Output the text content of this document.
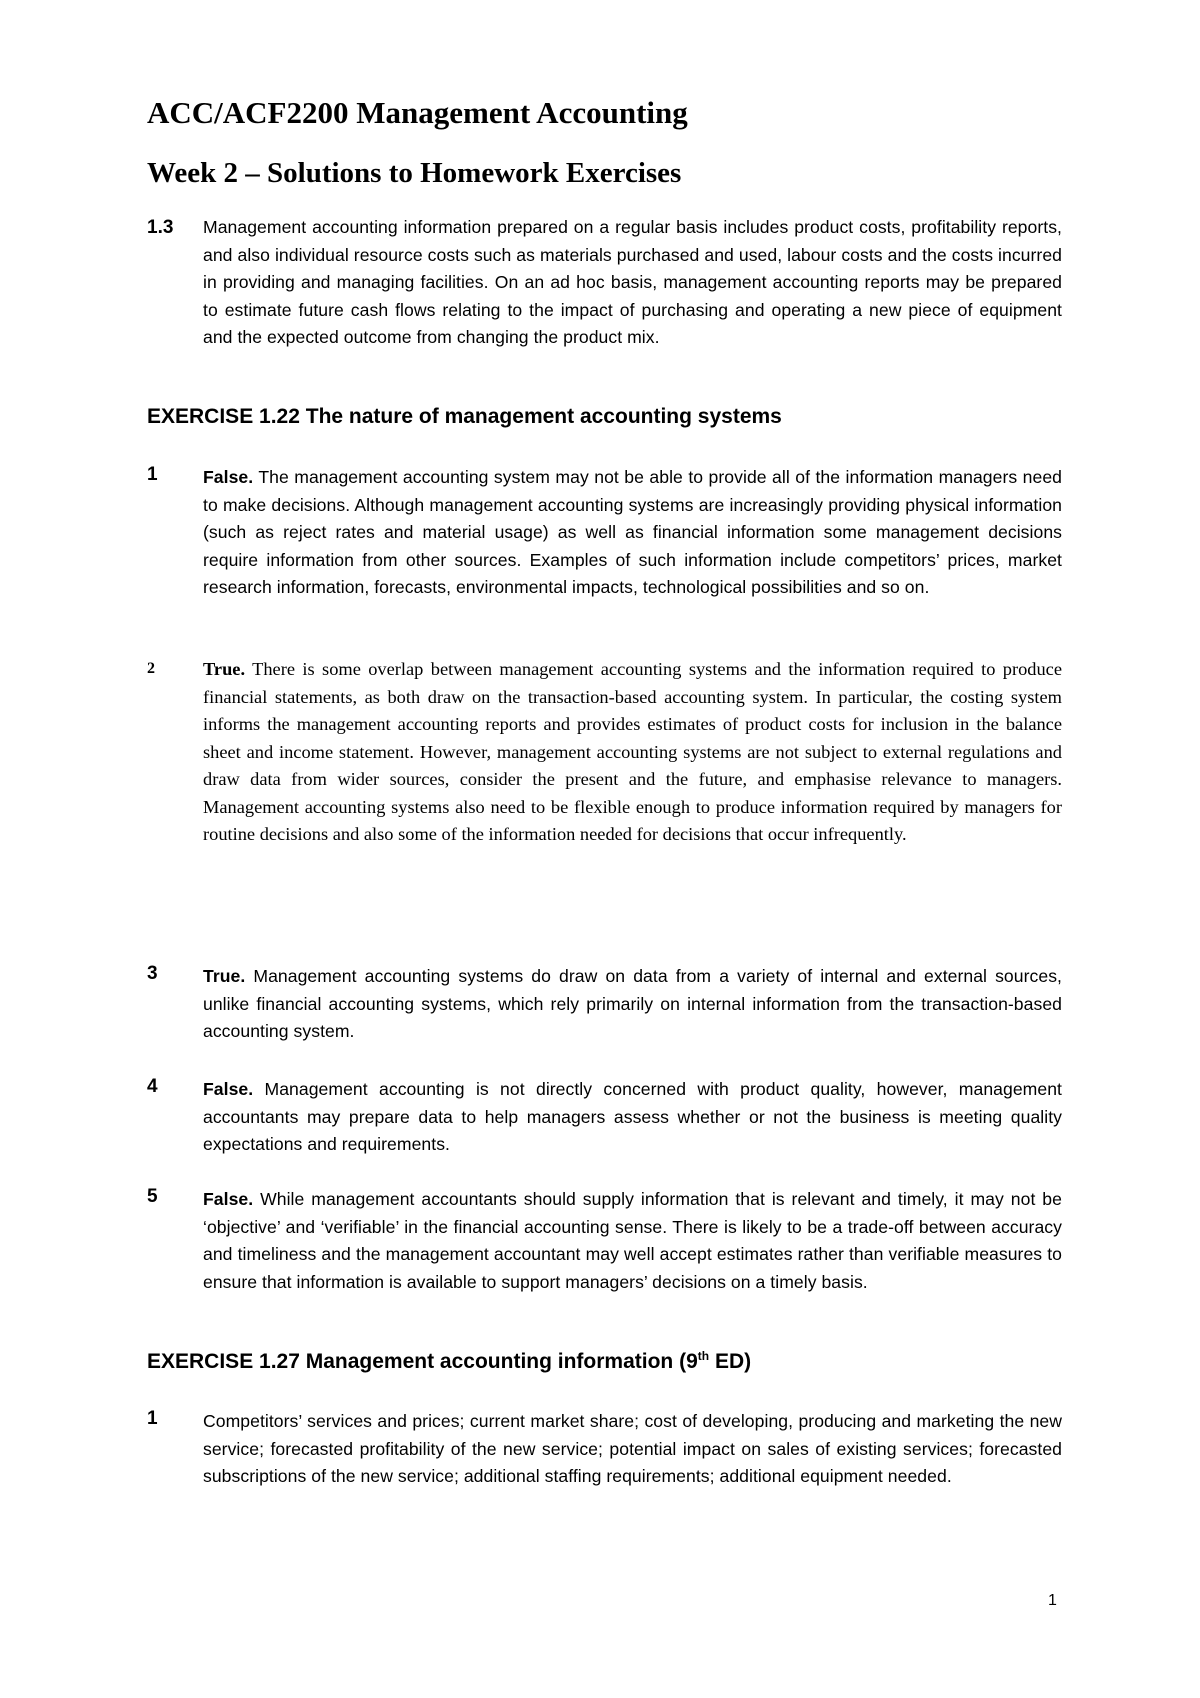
ACC/ACF2200 Management Accounting
Week 2 – Solutions to Homework Exercises
1.3 Management accounting information prepared on a regular basis includes product costs, profitability reports, and also individual resource costs such as materials purchased and used, labour costs and the costs incurred in providing and managing facilities. On an ad hoc basis, management accounting reports may be prepared to estimate future cash flows relating to the impact of purchasing and operating a new piece of equipment and the expected outcome from changing the product mix.
EXERCISE 1.22 The nature of management accounting systems
1	False. The management accounting system may not be able to provide all of the information managers need to make decisions. Although management accounting systems are increasingly providing physical information (such as reject rates and material usage) as well as financial information some management decisions require information from other sources. Examples of such information include competitors’ prices, market research information, forecasts, environmental impacts, technological possibilities and so on.
2	True. There is some overlap between management accounting systems and the information required to produce financial statements, as both draw on the transaction-based accounting system. In particular, the costing system informs the management accounting reports and provides estimates of product costs for inclusion in the balance sheet and income statement. However, management accounting systems are not subject to external regulations and draw data from wider sources, consider the present and the future, and emphasise relevance to managers. Management accounting systems also need to be flexible enough to produce information required by managers for routine decisions and also some of the information needed for decisions that occur infrequently.
3	True. Management accounting systems do draw on data from a variety of internal and external sources, unlike financial accounting systems, which rely primarily on internal information from the transaction-based accounting system.
4	False. Management accounting is not directly concerned with product quality, however, management accountants may prepare data to help managers assess whether or not the business is meeting quality expectations and requirements.
5	False. While management accountants should supply information that is relevant and timely, it may not be ‘objective’ and ‘verifiable’ in the financial accounting sense. There is likely to be a trade-off between accuracy and timeliness and the management accountant may well accept estimates rather than verifiable measures to ensure that information is available to support managers’ decisions on a timely basis.
EXERCISE 1.27 Management accounting information (9th ED)
1	Competitors’ services and prices; current market share; cost of developing, producing and marketing the new service; forecasted profitability of the new service; potential impact on sales of existing services; forecasted subscriptions of the new service; additional staffing requirements; additional equipment needed.
1
